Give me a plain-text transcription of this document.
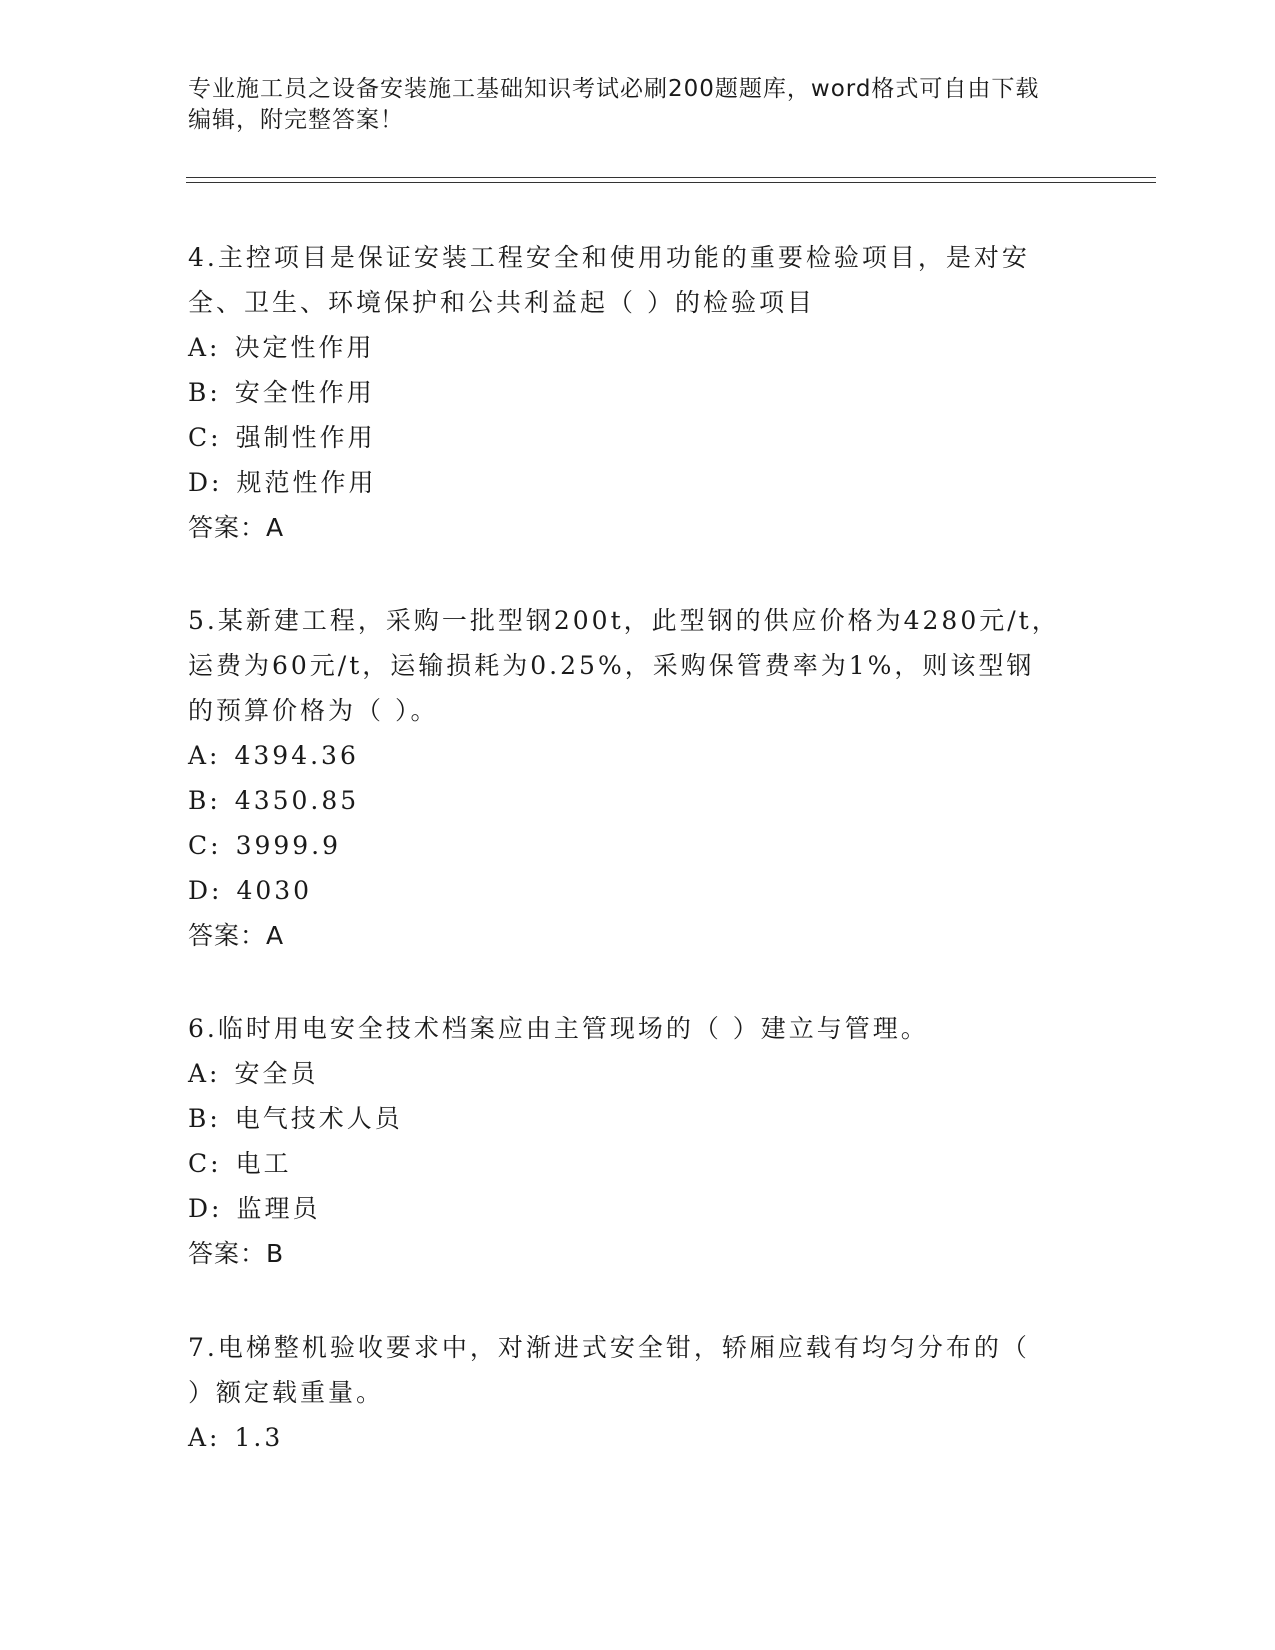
专业施工员之设备安装施工基础知识考试必刷200题题库，word格式可自由下载
编辑，附完整答案！
4.主控项目是保证安装工程安全和使用功能的重要检验项目，是对安
全、卫生、环境保护和公共利益起（ ）的检验项目
A: 决定性作用
B: 安全性作用
C: 强制性作用
D: 规范性作用
答案：A
5.某新建工程，采购一批型钢200t，此型钢的供应价格为4280元/t，
运费为60元/t，运输损耗为0.25%，采购保管费率为1%，则该型钢
的预算价格为（ ）。
A: 4394.36
B: 4350.85
C: 3999.9
D: 4030
答案：A
6.临时用电安全技术档案应由主管现场的（ ）建立与管理。
A: 安全员
B: 电气技术人员
C: 电工
D: 监理员
答案：B
7.电梯整机验收要求中，对渐进式安全钳，轿厢应载有均匀分布的（
）额定载重量。
A: 1.3
